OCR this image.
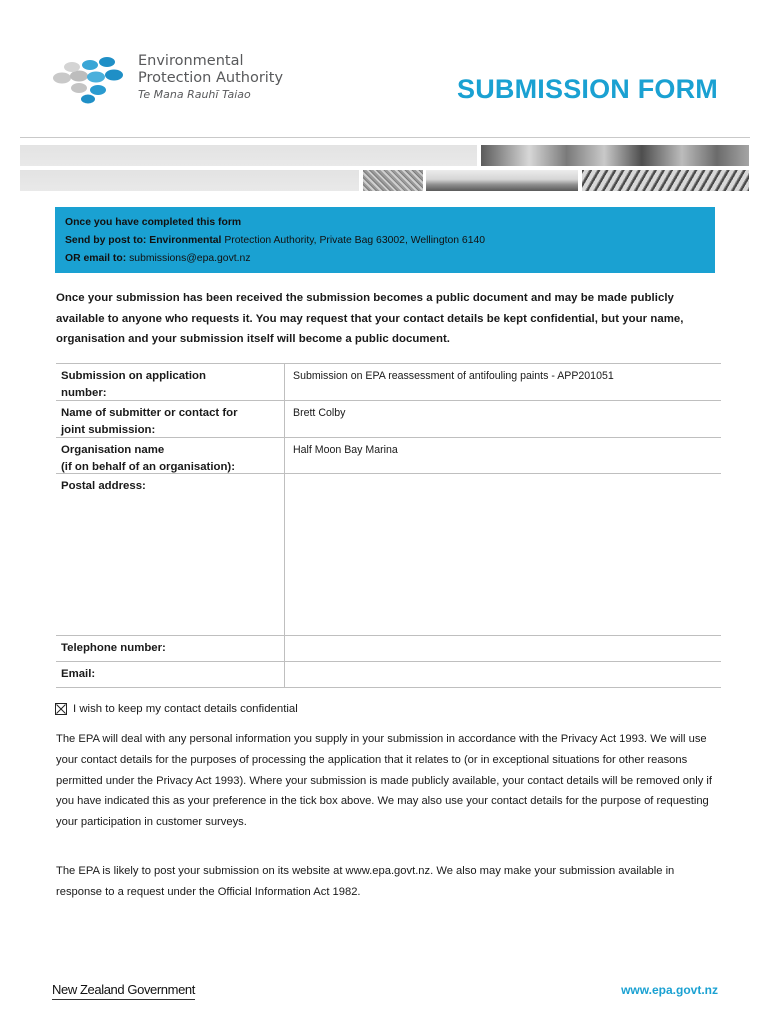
Environmental
Protection Authority
Te Mana Rauhī Taiao	SUBMISSION FORM
Once you have completed this form
Send by post to: Environmental Protection Authority, Private Bag 63002, Wellington 6140
OR email to: submissions@epa.govt.nz
Once your submission has been received the submission becomes a public document and may be made publicly available to anyone who requests it. You may request that your contact details be kept confidential, but your name, organisation and your submission itself will become a public document.
Submission on application
number:
Submission on EPA reassessment of antifouling paints - APP201051
Name of submitter or contact for
joint submission:
Brett Colby
Organisation name
(if on behalf of an organisation):
Half Moon Bay Marina
Postal address:
Telephone number:
Email:
I wish to keep my contact details confidential
The EPA will deal with any personal information you supply in your submission in accordance with the Privacy Act 1993. We will use your contact details for the purposes of processing the application that it relates to (or in exceptional situations for other reasons permitted under the Privacy Act 1993). Where your submission is made publicly available, your contact details will be removed only if you have indicated this as your preference in the tick box above. We may also use your contact details for the purpose of requesting your participation in customer surveys.
The EPA is likely to post your submission on its website at www.epa.govt.nz. We also may make your submission available in response to a request under the Official Information Act 1982.
New Zealand Government	www.epa.govt.nz
